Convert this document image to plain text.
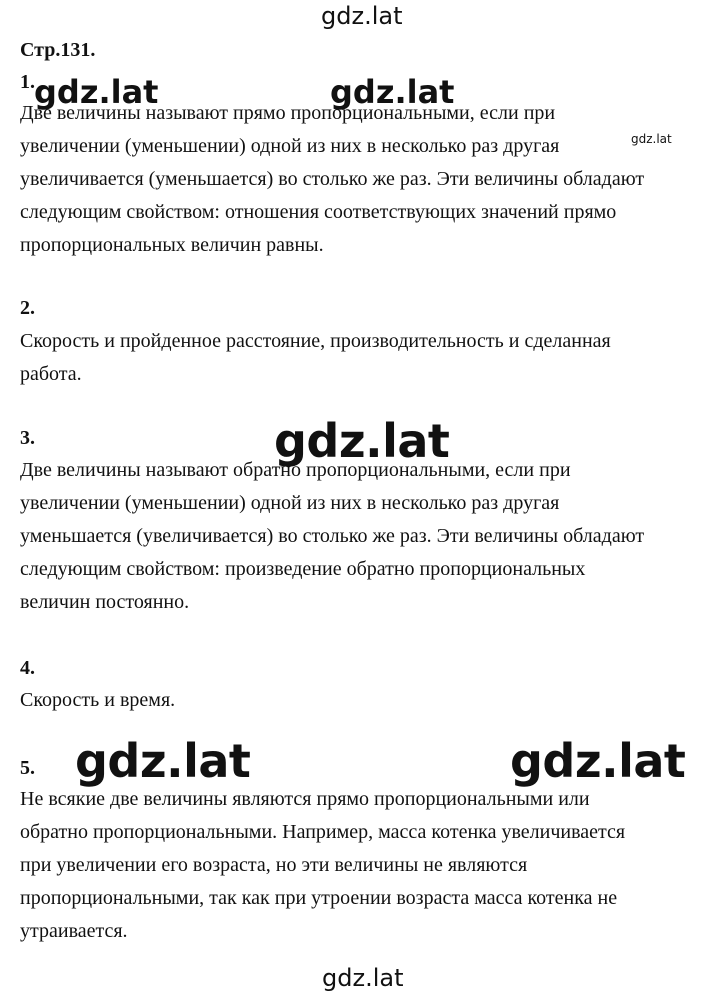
gdz.lat
Стр.131.
1.
Две величины называют прямо пропорциональными, если при
увеличении (уменьшении) одной из них в несколько раз другая
увеличивается (уменьшается) во столько же раз. Эти величины обладают
следующим свойством: отношения соответствующих значений прямо
пропорциональных величин равны.
2.
Скорость и пройденное расстояние, производительность и сделанная
работа.
3.
Две величины называют обратно пропорциональными, если при
увеличении (уменьшении) одной из них в несколько раз другая
уменьшается (увеличивается) во столько же раз. Эти величины обладают
следующим свойством: произведение обратно пропорциональных
величин постоянно.
4.
Скорость и время.
5.
Не всякие две величины являются прямо пропорциональными или
обратно пропорциональными. Например, масса котенка увеличивается
при увеличении его возраста, но эти величины не являются
пропорциональными, так как при утроении возраста масса котенка не
утраивается.
gdz.lat	gdz.lat
gdz.lat
gdz.lat
gdz.lat	gdz.lat
gdz.lat
